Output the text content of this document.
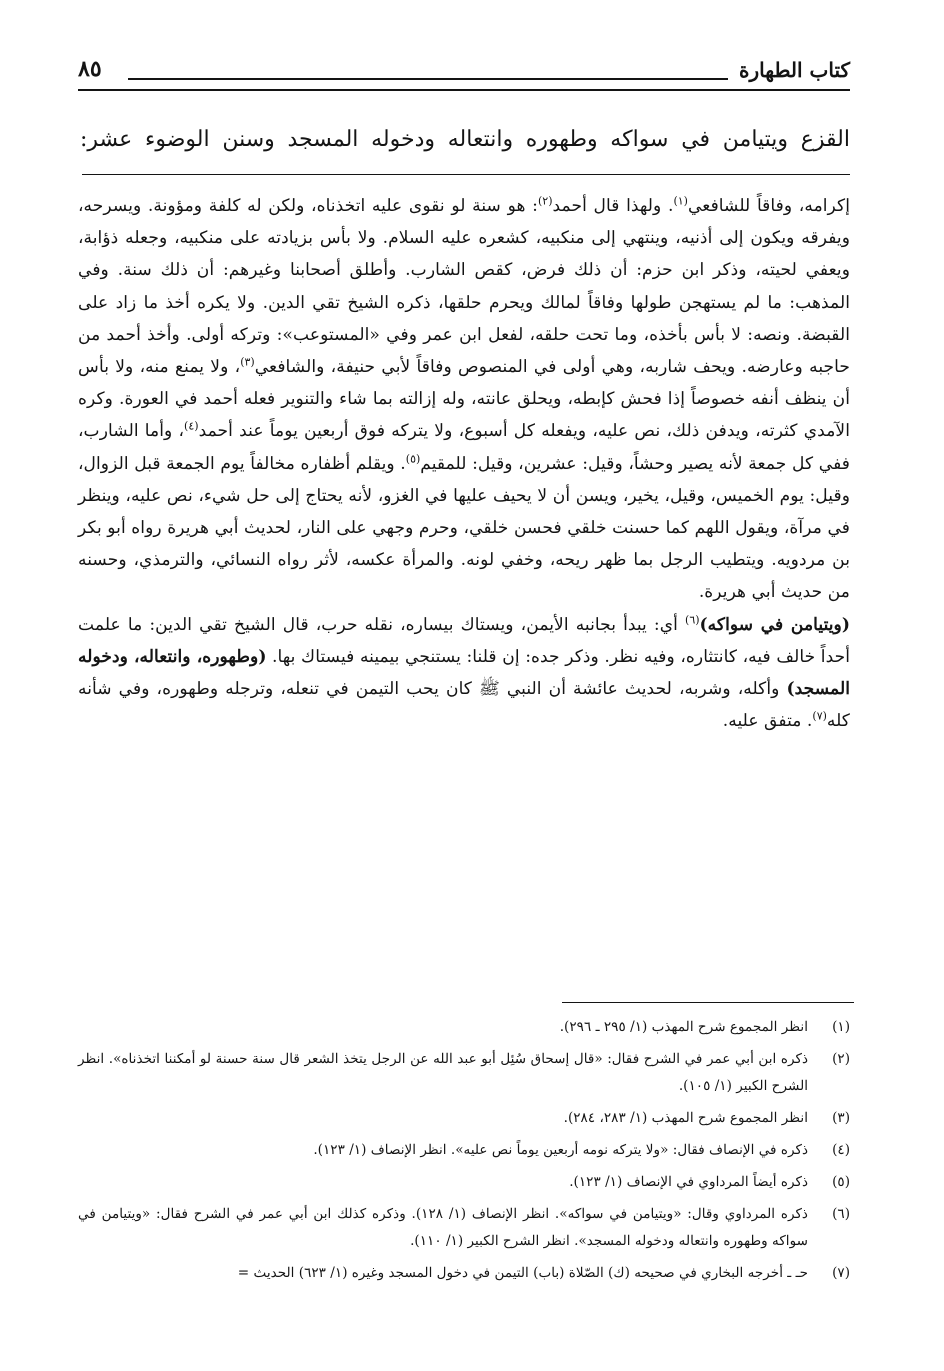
كتاب الطهارة
٨٥
القزع ويتيامن في سواكه وطهوره وانتعاله ودخوله المسجد وسنن الوضوء عشر:

إكرامه، وفاقاً للشافعي$^{(١)}$. ولهذا قال أحمد$^{(٢)}$: هو سنة لو نقوى عليه اتخذناه، ولكن له كلفة ومؤونة. ويسرحه، ويفرقه ويكون إلى أذنيه، وينتهي إلى منكبيه، كشعره عليه السلام. ولا بأس بزيادته على منكبيه، وجعله ذؤابة، ويعفي لحيته، وذكر ابن حزم: أن ذلك فرض، كقص الشارب. وأطلق أصحابنا وغيرهم: أن ذلك سنة. وفي المذهب: ما لم يستهجن طولها وفاقاً لمالك ويحرم حلقها، ذكره الشيخ تقي الدين. ولا يكره أخذ ما زاد على القبضة. ونصه: لا بأس بأخذه، وما تحت حلقه، لفعل ابن عمر وفي «المستوعب»: وتركه أولى. وأخذ أحمد من حاجبه وعارضه. ويحف شاربه، وهي أولى في المنصوص وفاقاً لأبي حنيفة، والشافعي$^{(٣)}$، ولا يمنع منه، ولا بأس أن ينظف أنفه خصوصاً إذا فحش كإبطه، ويحلق عانته، وله إزالته بما شاء والتنوير فعله أحمد في العورة. وكره الآمدي كثرته، ويدفن ذلك، نص عليه، ويفعله كل أسبوع، ولا يتركه فوق أربعين يوماً عند أحمد$^{(٤)}$، وأما الشارب، ففي كل جمعة لأنه يصير وحشاً، وقيل: عشرين، وقيل: للمقيم$^{(٥)}$. ويقلم أظفاره مخالفاً يوم الجمعة قبل الزوال، وقيل: يوم الخميس، وقيل، يخير، ويسن أن لا يحيف عليها في الغزو، لأنه يحتاج إلى حل شيء، نص عليه، وينظر في مرآة، ويقول اللهم كما حسنت خلقي فحسن خلقي، وحرم وجهي على النار، لحديث أبي هريرة رواه أبو بكر بن مردويه. ويتطيب الرجل بما ظهر ريحه، وخفي لونه. والمرأة عكسه، لأثر رواه النسائي، والترمذي، وحسنه من حديث أبي هريرة.

(ويتيامن في سواكه)$^{(٦)}$ أي: يبدأ بجانبه الأيمن، ويستاك بيساره، نقله حرب، قال الشيخ تقي الدين: ما علمت أحداً خالف فيه، كانتثاره، وفيه نظر. وذكر جده: إن قلنا: يستنجي بيمينه فيستاك بها. (وطهوره، وانتعاله، ودخوله المسجد) وأكله، وشربه، لحديث عائشة أن النبي ﷺ كان يحب التيمن في تنعله، وترجله وطهوره، وفي شأنه كله$^{(٧)}$. متفق عليه.

(١)
انظر المجموع شرح المهذب (١/ ٢٩٥ ـ ٢٩٦).
(٢)
ذكره ابن أبي عمر في الشرح فقال: «قال إسحاق سُئِل أبو عبد الله عن الرجل يتخذ الشعر قال سنة حسنة لو أمكننا اتخذناه». انظر الشرح الكبير (١/ ١٠٥).
(٣)
انظر المجموع شرح المهذب (١/ ٢٨٣، ٢٨٤).
(٤)
ذكره في الإنصاف فقال: «ولا يتركه نومه أربعين يوماً نص عليه». انظر الإنصاف (١/ ١٢٣).
(٥)
ذكره أيضاً المرداوي في الإنصاف (١/ ١٢٣).
(٦)
ذكره المرداوي وقال: «ويتيامن في سواكه». انظر الإنصاف (١/ ١٢٨). وذكره كذلك ابن أبي عمر في الشرح فقال: «ويتيامن في سواكه وطهوره وانتعاله ودخوله المسجد». انظر الشرح الكبير (١/ ١١٠).
(٧)
حـ ـ أخرجه البخاري في صحيحه (ك) الصّلاة (باب) التيمن في دخول المسجد وغيره (١/ ٦٢٣) الحديث =
